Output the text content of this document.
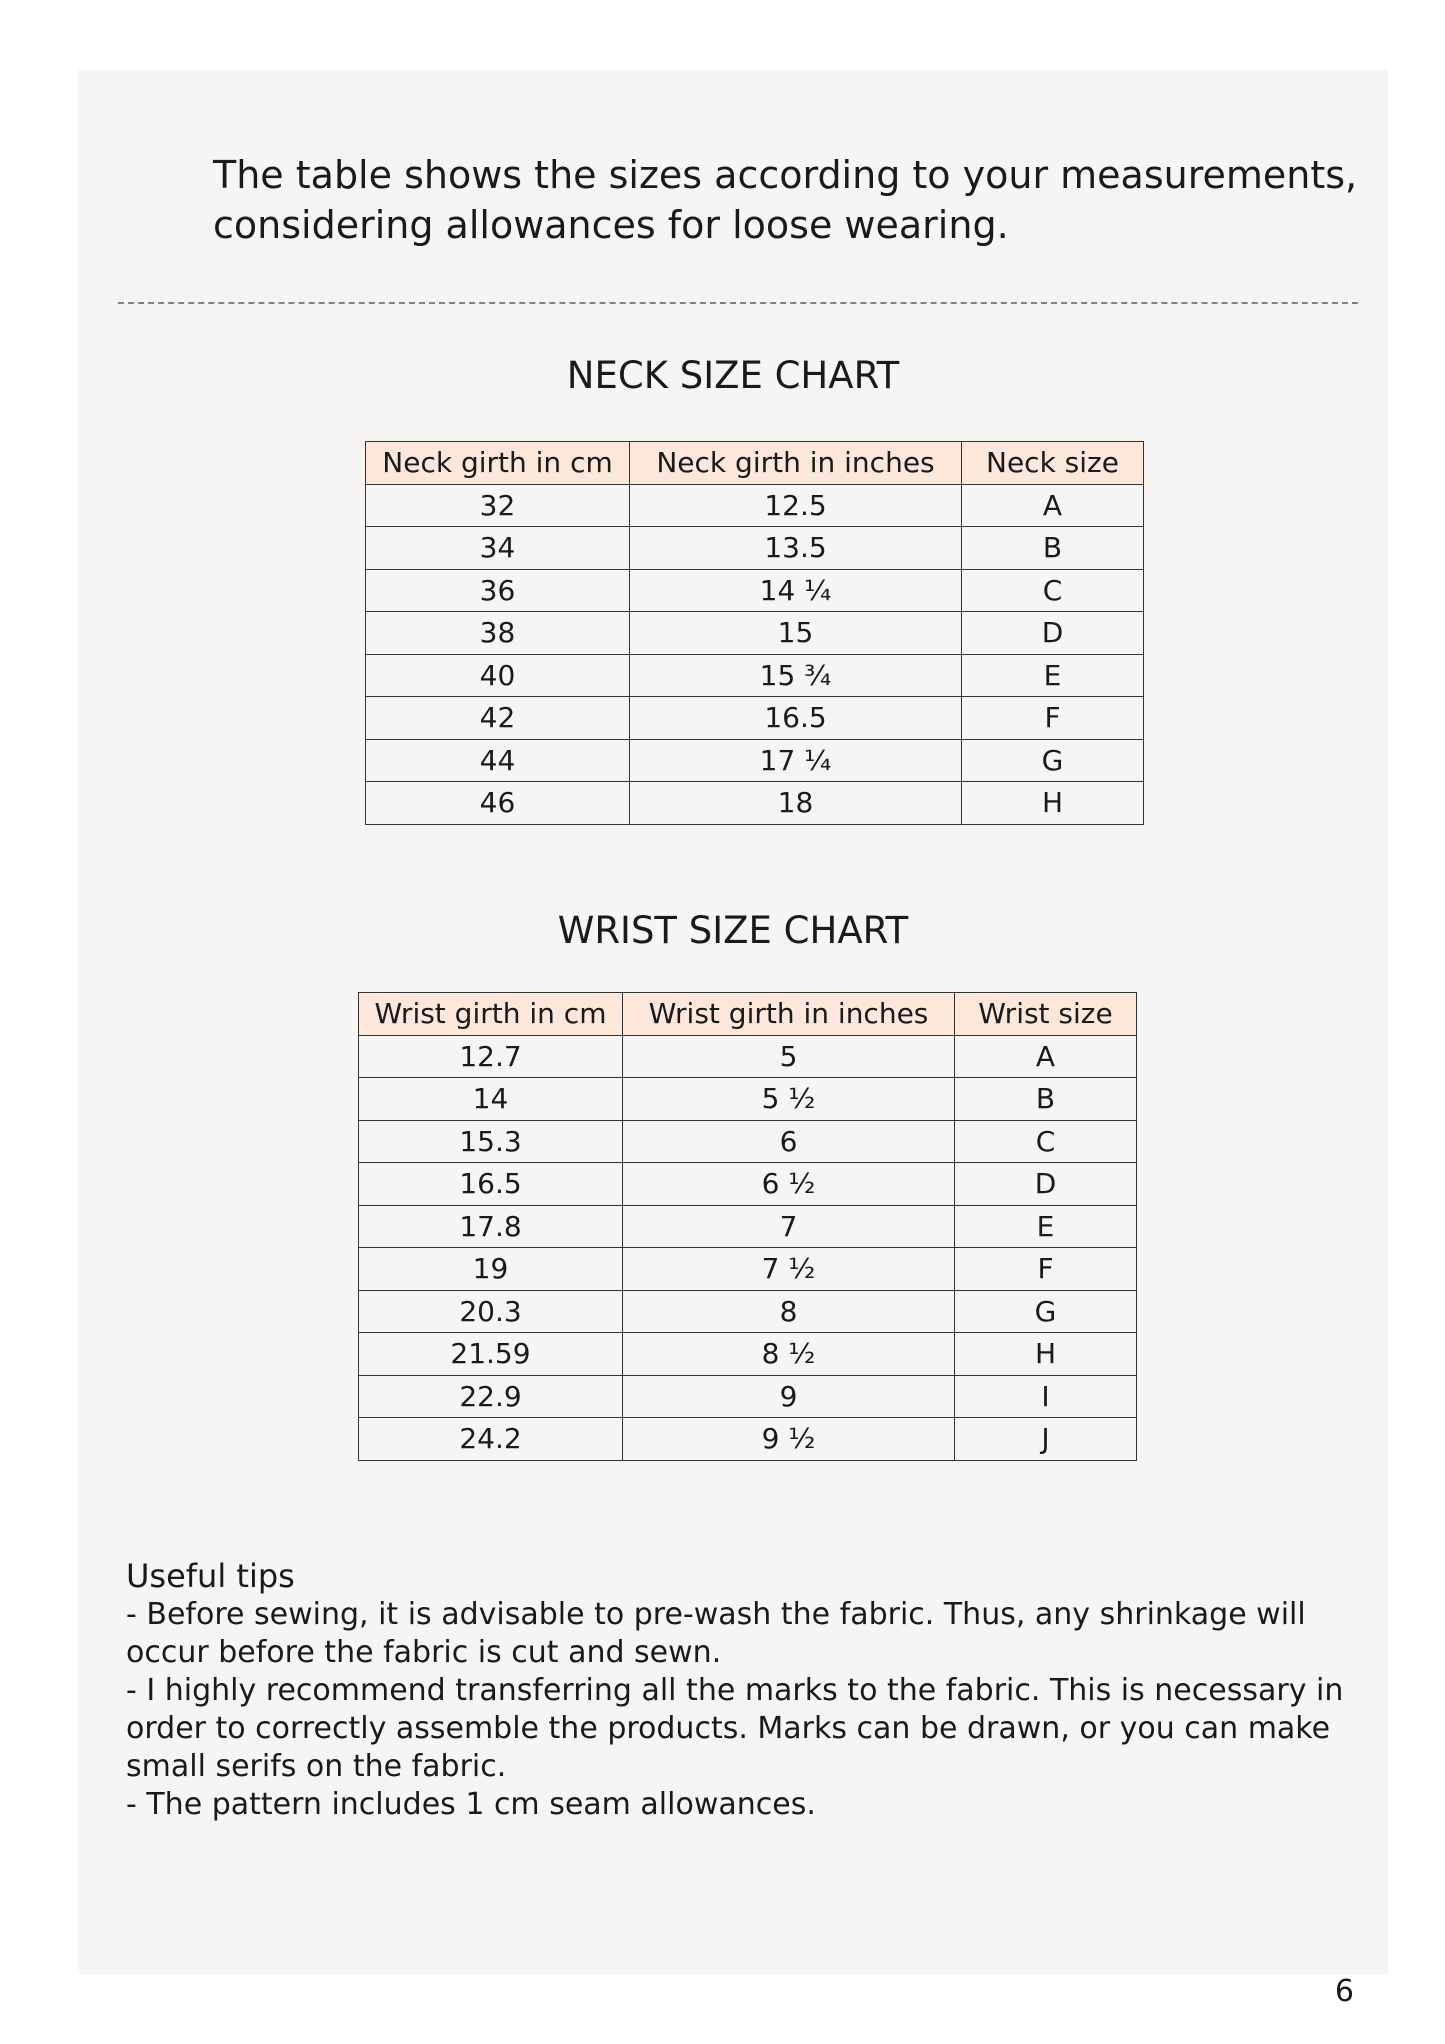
The table shows the sizes according to your measurements,
considering allowances for loose wearing.

NECK SIZE CHART
Neck girth in cm	Neck girth in inches	Neck size
32	12.5	A
34	13.5	B
36	14 ¼	C
38	15	D
40	15 ¾	E
42	16.5	F
44	17 ¼	G
46	18	H
WRIST SIZE CHART
Wrist girth in cm	Wrist girth in inches	Wrist size
12.7	5	A
14	5 ½	B
15.3	6	C
16.5	6 ½	D
17.8	7	E
19	7 ½	F
20.3	8	G
21.59	8 ½	H
22.9	9	I
24.2	9 ½	J
Useful tips

- Before sewing, it is advisable to pre-wash the fabric. Thus, any shrinkage will occur before the fabric is cut and sewn.

- I highly recommend transferring all the marks to the fabric. This is necessary in order to correctly assemble the products. Marks can be drawn, or you can make small serifs on the fabric.

- The pattern includes 1 cm seam allowances.

6
